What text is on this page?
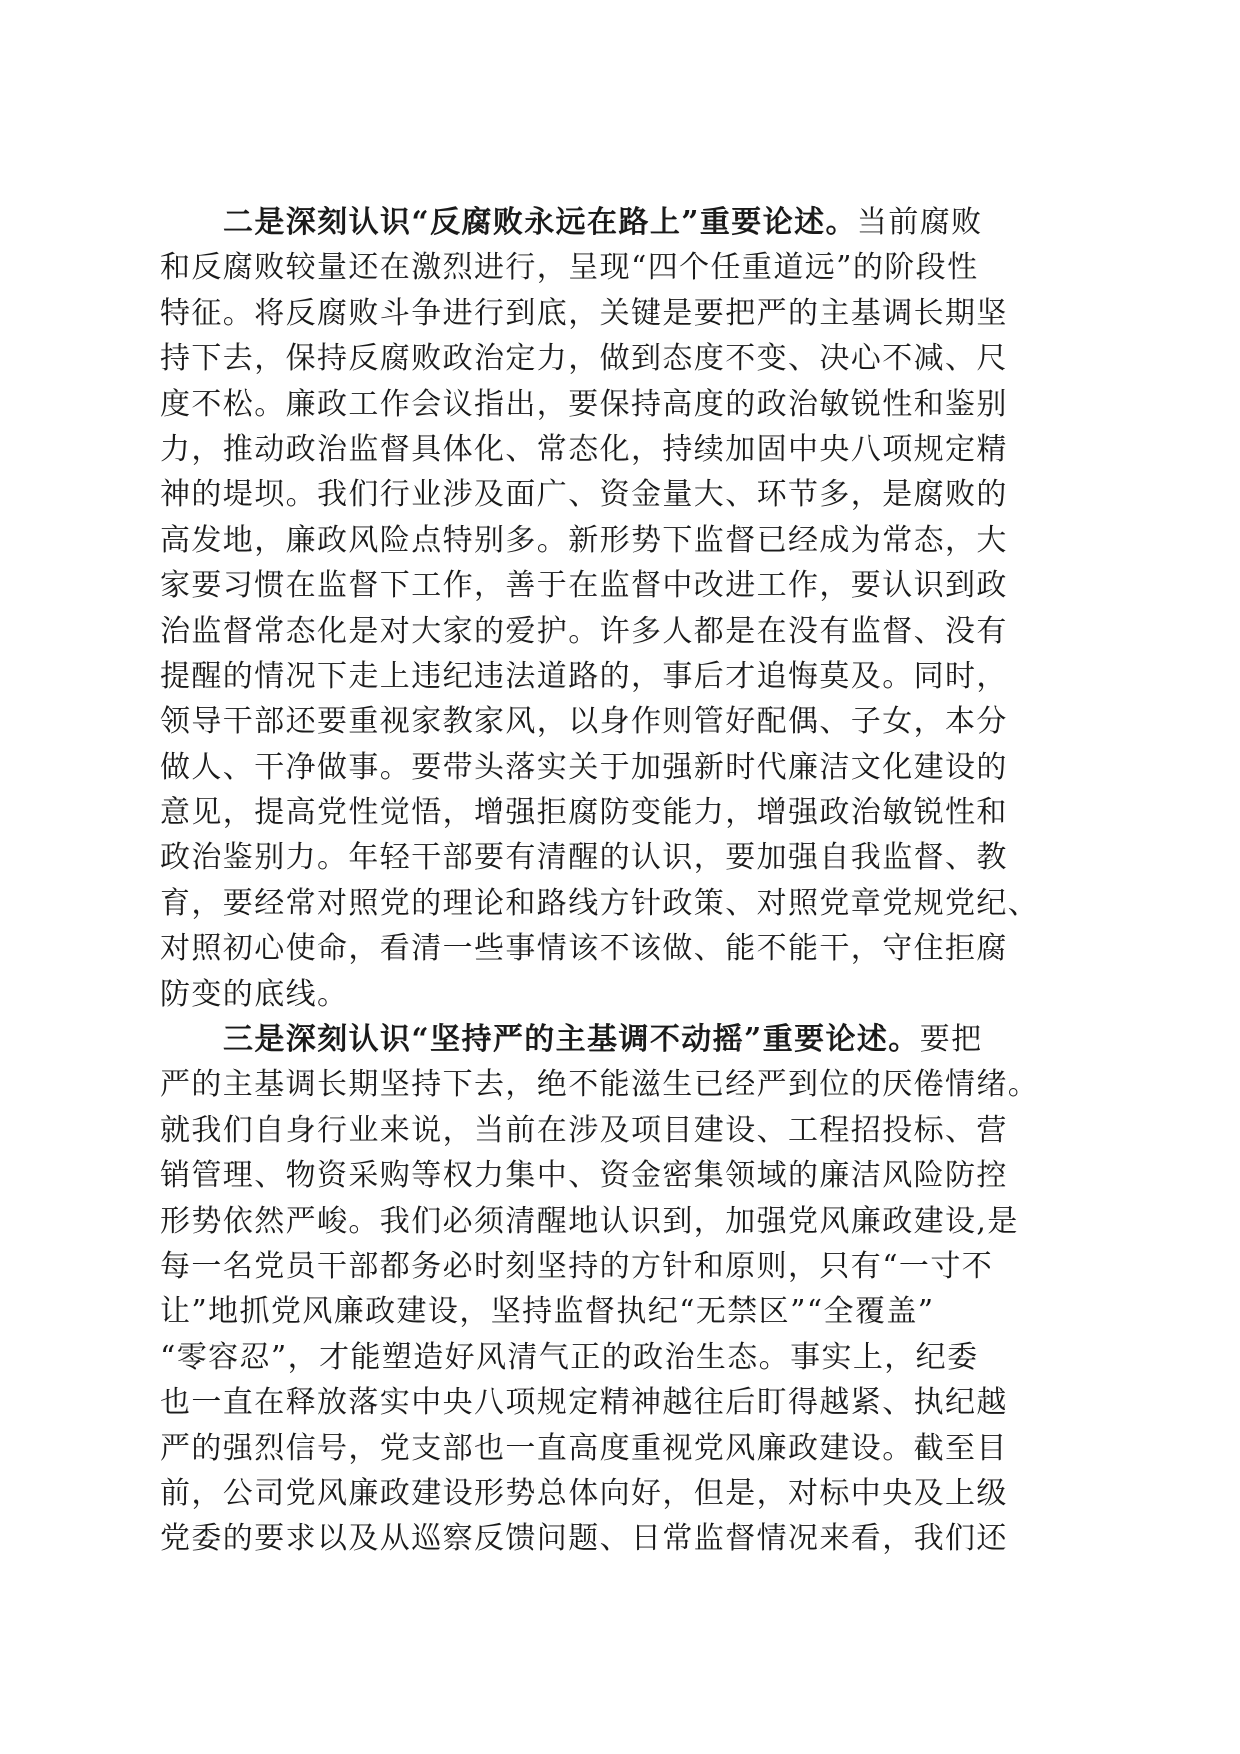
二是深刻认识“反腐败永远在路上”重要论述。当前腐败
和反腐败较量还在激烈进行，呈现“四个任重道远”的阶段性
特征。将反腐败斗争进行到底，关键是要把严的主基调长期坚
持下去，保持反腐败政治定力，做到态度不变、决心不减、尺
度不松。廉政工作会议指出，要保持高度的政治敏锐性和鉴别
力，推动政治监督具体化、常态化，持续加固中央八项规定精
神的堤坝。我们行业涉及面广、资金量大、环节多，是腐败的
高发地，廉政风险点特别多。新形势下监督已经成为常态，大
家要习惯在监督下工作，善于在监督中改进工作，要认识到政
治监督常态化是对大家的爱护。许多人都是在没有监督、没有
提醒的情况下走上违纪违法道路的，事后才追悔莫及。同时，
领导干部还要重视家教家风，以身作则管好配偶、子女，本分
做人、干净做事。要带头落实关于加强新时代廉洁文化建设的
意见，提高党性觉悟，增强拒腐防变能力，增强政治敏锐性和
政治鉴别力。年轻干部要有清醒的认识，要加强自我监督、教
育，要经常对照党的理论和路线方针政策、对照党章党规党纪、
对照初心使命，看清一些事情该不该做、能不能干，守住拒腐
防变的底线。
三是深刻认识“坚持严的主基调不动摇”重要论述。要把
严的主基调长期坚持下去，绝不能滋生已经严到位的厌倦情绪。
就我们自身行业来说，当前在涉及项目建设、工程招投标、营
销管理、物资采购等权力集中、资金密集领域的廉洁风险防控
形势依然严峻。我们必须清醒地认识到，加强党风廉政建设,是
每一名党员干部都务必时刻坚持的方针和原则，只有“一寸不
让”地抓党风廉政建设，坚持监督执纪“无禁区”“全覆盖”
“零容忍”，才能塑造好风清气正的政治生态。事实上，纪委
也一直在释放落实中央八项规定精神越往后盯得越紧、执纪越
严的强烈信号，党支部也一直高度重视党风廉政建设。截至目
前，公司党风廉政建设形势总体向好，但是，对标中央及上级
党委的要求以及从巡察反馈问题、日常监督情况来看，我们还
